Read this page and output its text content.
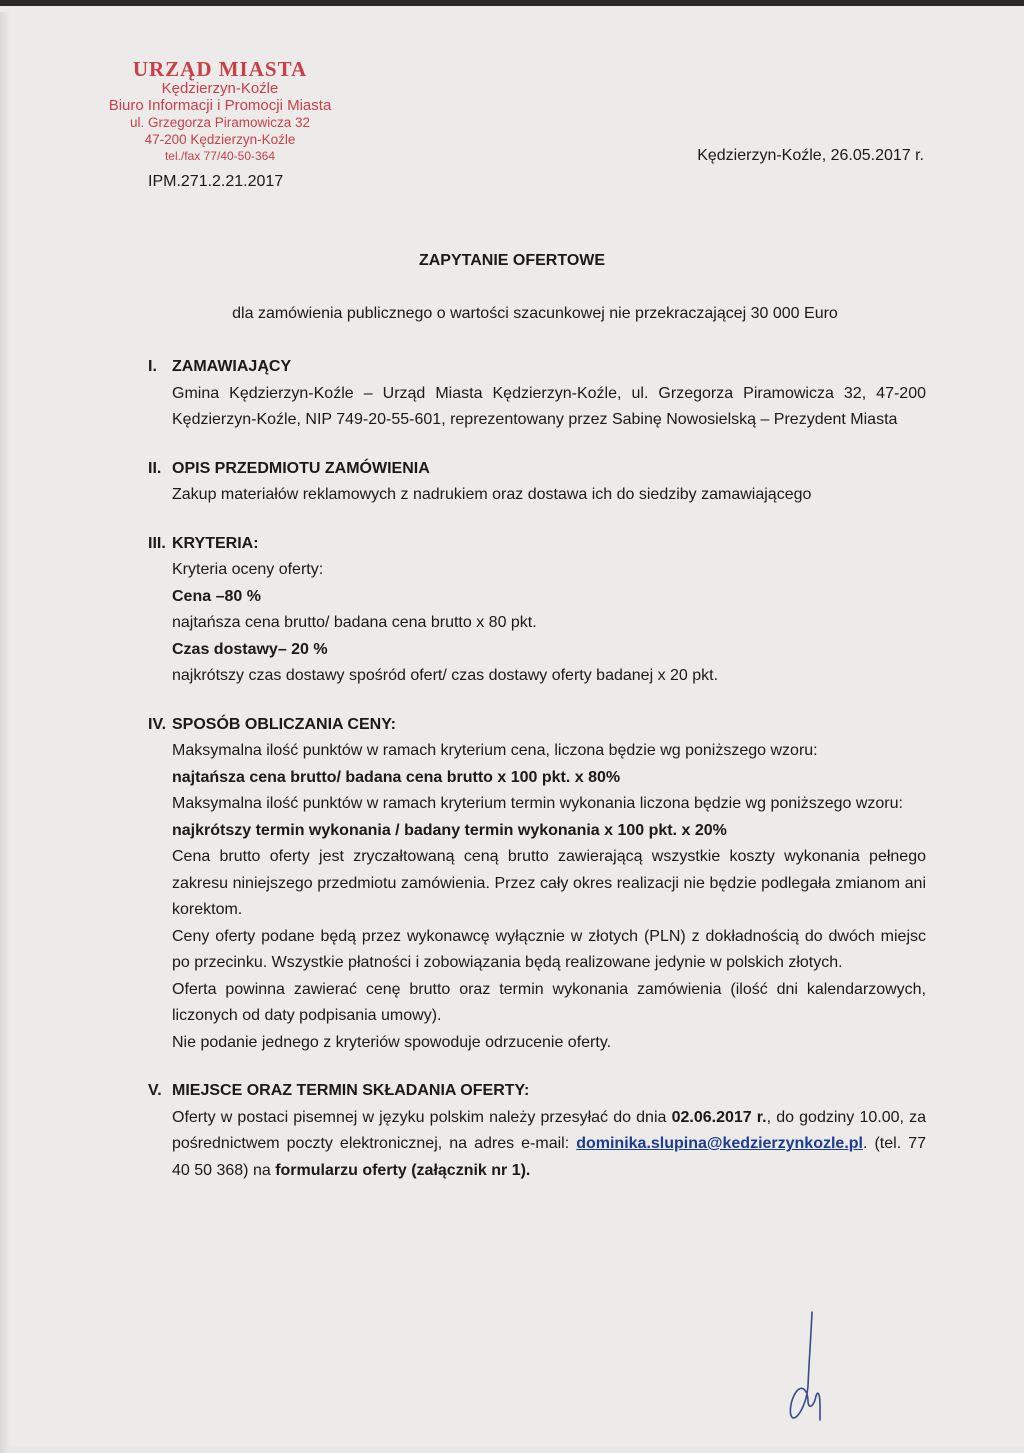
URZĄD MIASTA
Kędzierzyn-Koźle
Biuro Informacji i Promocji Miasta
ul. Grzegorza Piramowicza 32
47-200 Kędzierzyn-Koźle
tel./fax 77/40-50-364
IPM.271.2.21.2017
Kędzierzyn-Koźle, 26.05.2017 r.
ZAPYTANIE OFERTOWE
dla zamówienia publicznego o wartości szacunkowej nie przekraczającej 30 000 Euro
I. ZAMAWIAJĄCY

Gmina Kędzierzyn-Koźle – Urząd Miasta Kędzierzyn-Koźle, ul. Grzegorza Piramowicza 32, 47-200 Kędzierzyn-Koźle, NIP 749-20-55-601, reprezentowany przez Sabinę Nowosielską – Prezydent Miasta

II. OPIS PRZEDMIOTU ZAMÓWIENIA

Zakup materiałów reklamowych z nadrukiem oraz dostawa ich do siedziby zamawiającego

III. KRYTERIA:

Kryteria oceny oferty:

Cena –80 %

najtańsza cena brutto/ badana cena brutto x 80 pkt.

Czas dostawy– 20 %

najkrótszy czas dostawy spośród ofert/ czas dostawy oferty badanej x 20 pkt.

IV. SPOSÓB OBLICZANIA CENY:

Maksymalna ilość punktów w ramach kryterium cena, liczona będzie wg poniższego wzoru:

najtańsza cena brutto/ badana cena brutto x 100 pkt. x 80%

Maksymalna ilość punktów w ramach kryterium termin wykonania liczona będzie wg poniższego wzoru:

najkrótszy termin wykonania / badany termin wykonania x 100 pkt. x 20%

Cena brutto oferty jest zryczałtowaną ceną brutto zawierającą wszystkie koszty wykonania pełnego zakresu niniejszego przedmiotu zamówienia. Przez cały okres realizacji nie będzie podlegała zmianom ani korektom.

Ceny oferty podane będą przez wykonawcę wyłącznie w złotych (PLN) z dokładnością do dwóch miejsc po przecinku. Wszystkie płatności i zobowiązania będą realizowane jedynie w polskich złotych.

Oferta powinna zawierać cenę brutto oraz termin wykonania zamówienia (ilość dni kalendarzowych, liczonych od daty podpisania umowy).

Nie podanie jednego z kryteriów spowoduje odrzucenie oferty.

V. MIEJSCE ORAZ TERMIN SKŁADANIA OFERTY:

Oferty w postaci pisemnej w języku polskim należy przesyłać do dnia 02.06.2017 r., do godziny 10.00, za pośrednictwem poczty elektronicznej, na adres e-mail: dominika.slupina@kedzierzynkozle.pl. (tel. 77 40 50 368) na formularzu oferty (załącznik nr 1).
